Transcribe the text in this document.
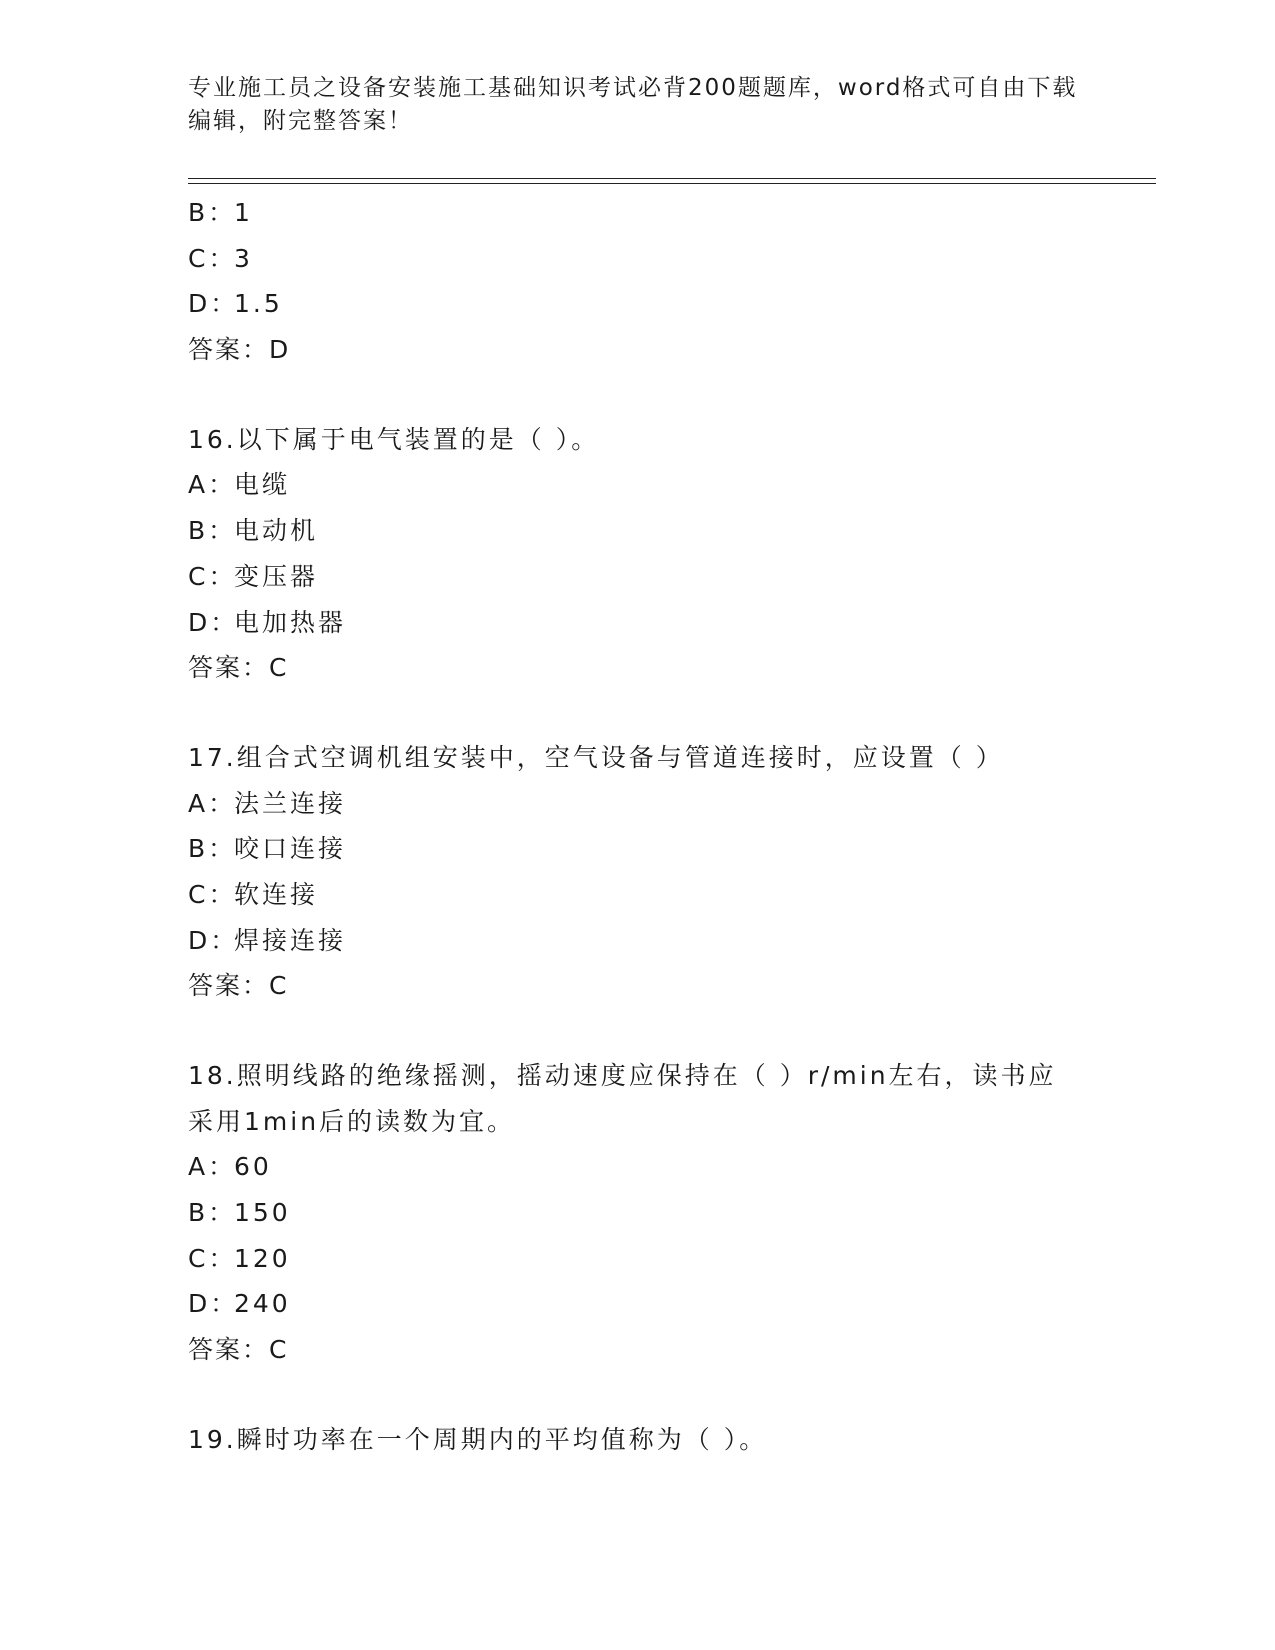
专业施工员之设备安装施工基础知识考试必背200题题库，word格式可自由下载编辑，附完整答案！
B：1
C：3
D：1.5
答案：D
16.以下属于电气装置的是（ ）。
A：电缆
B：电动机
C：变压器
D：电加热器
答案：C
17.组合式空调机组安装中，空气设备与管道连接时，应设置（ ）
A：法兰连接
B：咬口连接
C：软连接
D：焊接连接
答案：C
18.照明线路的绝缘摇测，摇动速度应保持在（ ）r/min左右，读书应
采用1min后的读数为宜。
A：60
B：150
C：120
D：240
答案：C
19.瞬时功率在一个周期内的平均值称为（ ）。
